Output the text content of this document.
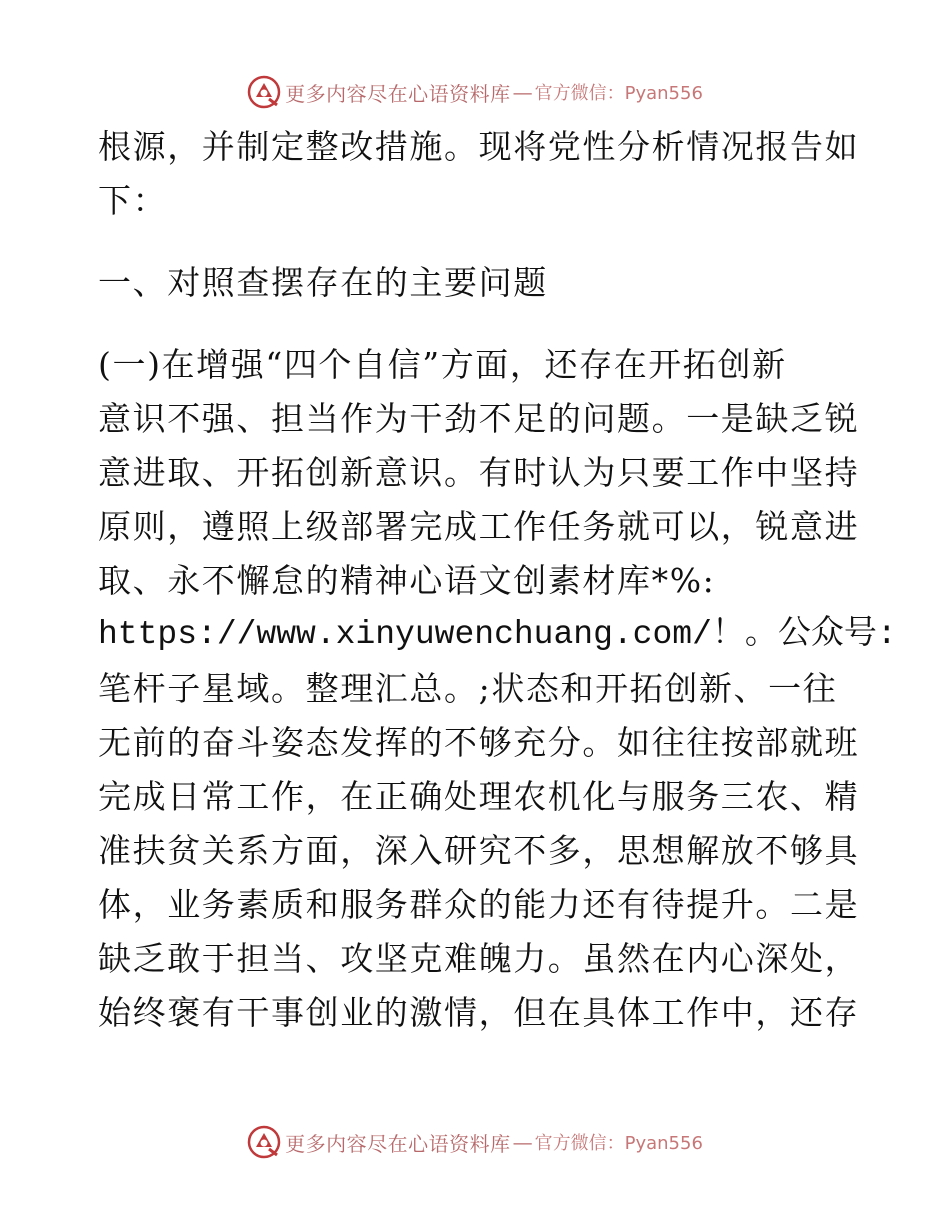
更多内容尽在心语资料库 — 官方微信：Pyan556
根源，并制定整改措施。现将党性分析情况报告如
下：
一、对照查摆存在的主要问题
(一)在增强“四个自信”方面，还存在开拓创新
意识不强、担当作为干劲不足的问题。一是缺乏锐
意进取、开拓创新意识。有时认为只要工作中坚持
原则，遵照上级部署完成工作任务就可以，锐意进
取、永不懈怠的精神心语文创素材库*%:
https://www.xinyuwenchuang.com/！。公众号:
笔杆子星域。整理汇总。;状态和开拓创新、一往
无前的奋斗姿态发挥的不够充分。如往往按部就班
完成日常工作，在正确处理农机化与服务三农、精
准扶贫关系方面，深入研究不多，思想解放不够具
体，业务素质和服务群众的能力还有待提升。二是
缺乏敢于担当、攻坚克难魄力。虽然在内心深处，
始终褒有干事创业的激情，但在具体工作中，还存
更多内容尽在心语资料库 — 官方微信：Pyan556
